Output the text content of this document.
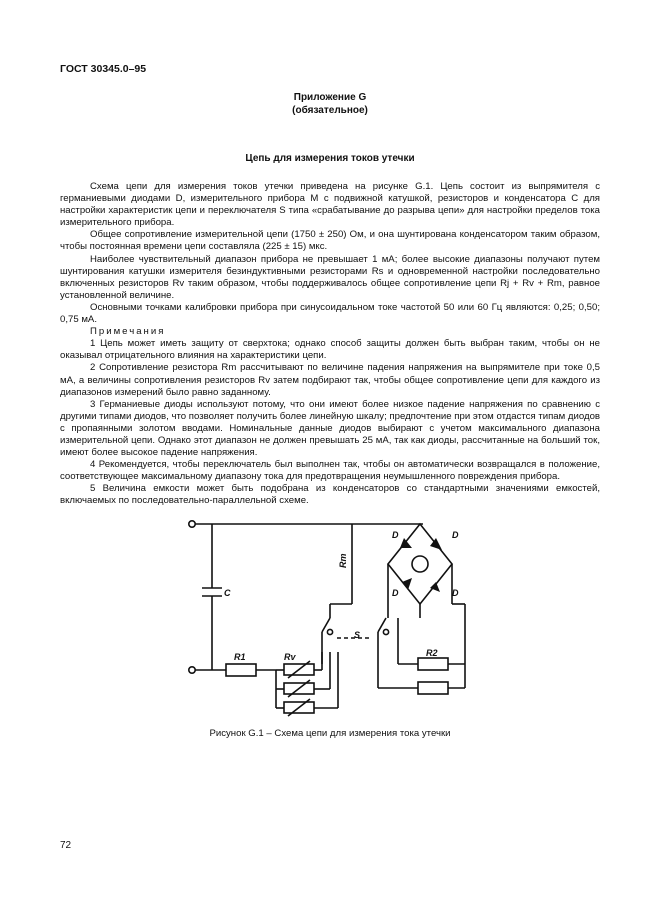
ГОСТ 30345.0–95
Приложение G
(обязательное)
Цепь для измерения токов утечки

Схема цепи для измерения токов утечки приведена на рисунке G.1. Цепь состоит из выпрямителя с германиевыми диодами D, измерительного прибора M с подвижной катушкой, резисторов и конденсатора C для настройки характеристик цепи и переключателя S типа «срабатывание до разрыва цепи» для настройки пределов тока измерительного прибора.

Общее сопротивление измерительной цепи (1750 ± 250) Ом, и она шунтирована конденсатором таким образом, чтобы постоянная времени цепи составляла (225 ± 15) мкс.

Наиболее чувствительный диапазон прибора не превышает 1 мА; более высокие диапазоны получают путем шунтирования катушки измерителя безиндуктивными резисторами Rs и одновременной настройки последовательно включенных резисторов Rv таким образом, чтобы поддерживалось общее сопротивление цепи Rj + Rv + Rm, равное установленной величине.

Основными точками калибровки прибора при синусоидальном токе частотой 50 или 60 Гц являются: 0,25; 0,50; 0,75 мА.

Примечания

1 Цепь может иметь защиту от сверхтока; однако способ защиты должен быть выбран таким, чтобы он не оказывал отрицательного влияния на характеристики цепи.

2 Сопротивление резистора Rm рассчитывают по величине падения напряжения на выпрямителе при токе 0,5 мА, а величины сопротивления резисторов Rv затем подбирают так, чтобы общее сопротивление цепи для каждого из диапазонов измерений было равно заданному.

3 Германиевые диоды используют потому, что они имеют более низкое падение напряжения по сравнению с другими типами диодов, что позволяет получить более линейную шкалу; предпочтение при этом отдастся типам диодов с пропаянными золотом вводами. Номинальные данные диодов выбирают с учетом максимального диапазона измерительной цепи. Однако этот диапазон не должен превышать 25 мА, так как диоды, рассчитанные на больший ток, имеют более высокое падение напряжения.

4 Рекомендуется, чтобы переключатель был выполнен так, чтобы он автоматически возвращался в положение, соответствующее максимальному диапазону тока для предотвращения неумышленного повреждения прибора.

5 Величина емкости может быть подобрана из конденсаторов со стандартными значениями емкостей, включаемых по последовательно-параллельной схеме.

C
R1	Rv
Rm
S
R2
D	D
D	D
Рисунок G.1 – Схема цепи для измерения тока утечки
72
